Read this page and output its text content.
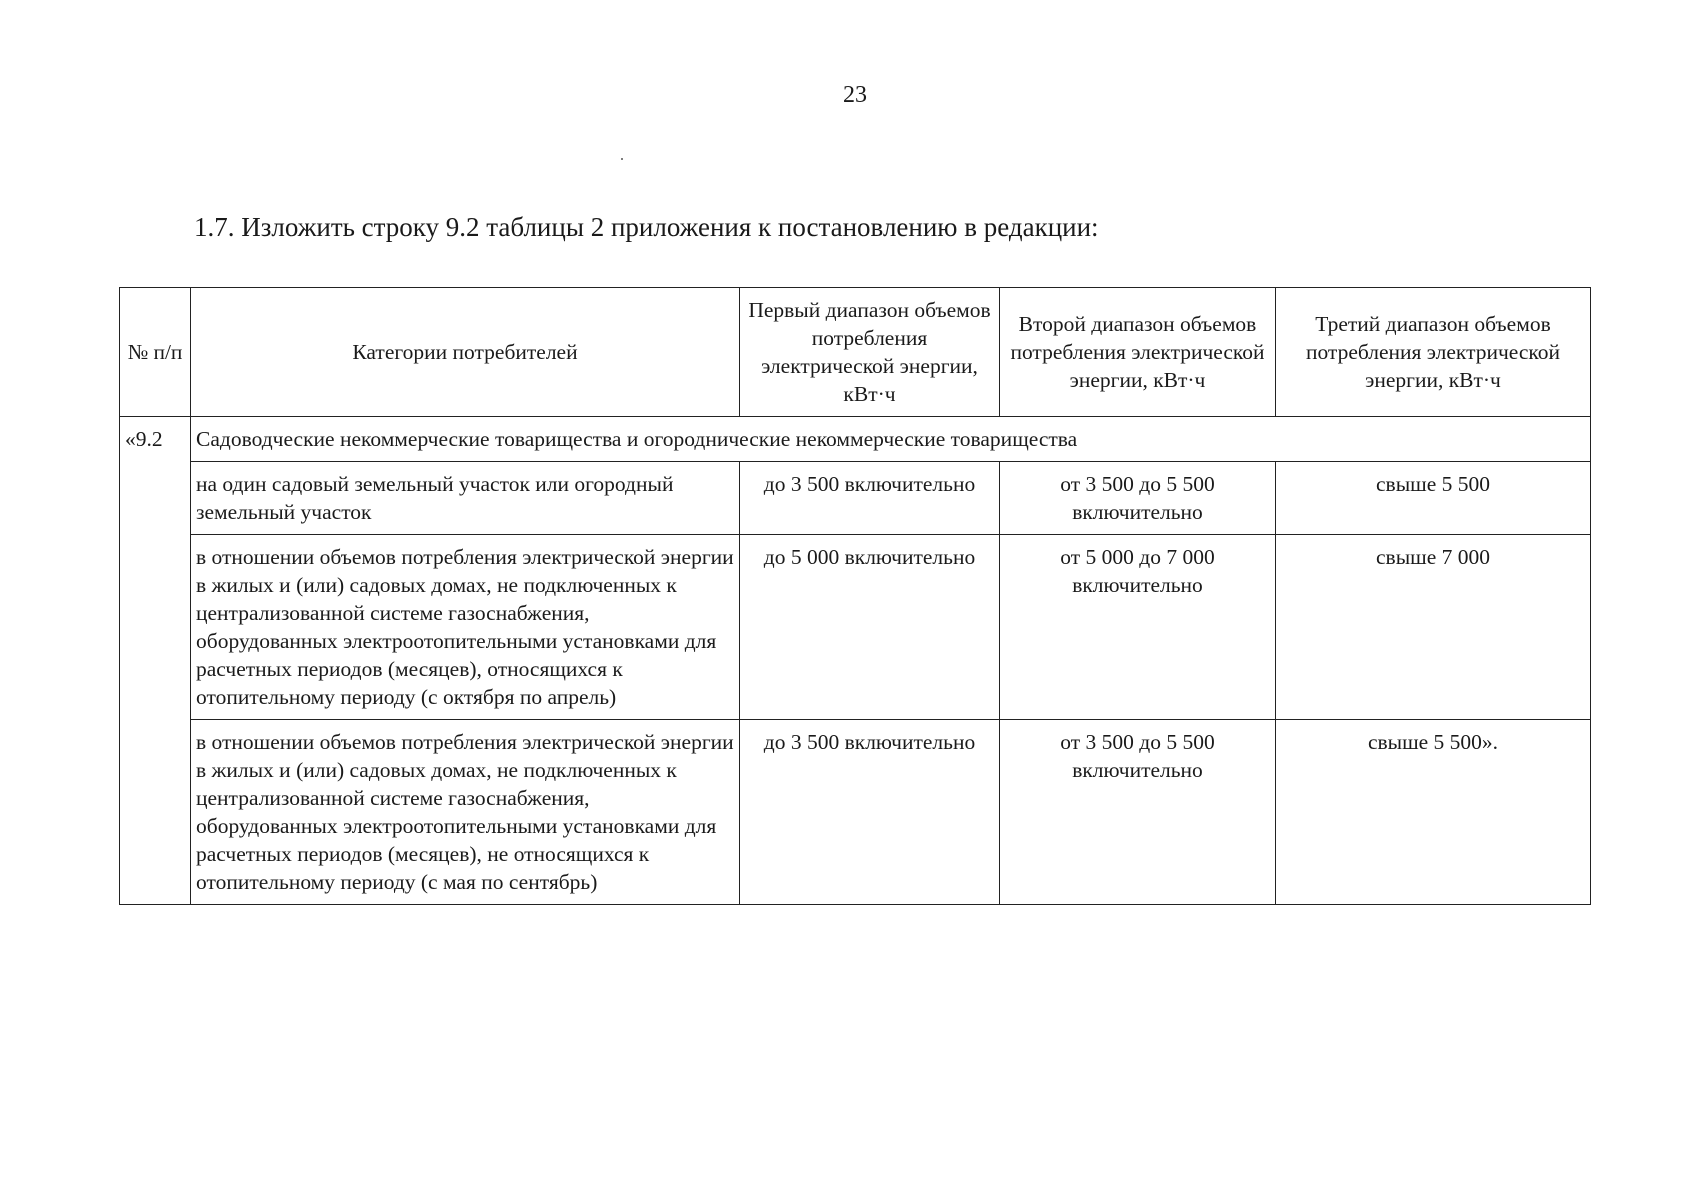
23
1.7. Изложить строку 9.2 таблицы 2 приложения к постановлению в редакции:
№ п/п	Категории потребителей	Первый диапазон объемов потребления электрической энергии, кВт·ч	Второй диапазон объемов потребления электрической энергии, кВт·ч	Третий диапазон объемов потребления электрической энергии, кВт·ч
«9.2	Садоводческие некоммерческие товарищества и огороднические некоммерческие товарищества			
	на один садовый земельный участок или огородный земельный участок	до 3 500 включительно	от 3 500 до 5 500 включительно	свыше 5 500
	в отношении объемов потребления электрической энергии в жилых и (или) садовых домах, не подключенных к централизованной системе газоснабжения, оборудованных электроотопительными установками для расчетных периодов (месяцев), относящихся к отопительному периоду (с октября по апрель)	до 5 000 включительно	от 5 000 до 7 000 включительно	свыше 7 000
	в отношении объемов потребления электрической энергии в жилых и (или) садовых домах, не подключенных к централизованной системе газоснабжения, оборудованных электроотопительными установками для расчетных периодов (месяцев), не относящихся к отопительному периоду (с мая по сентябрь)	до 3 500 включительно	от 3 500 до 5 500 включительно	свыше 5 500».
